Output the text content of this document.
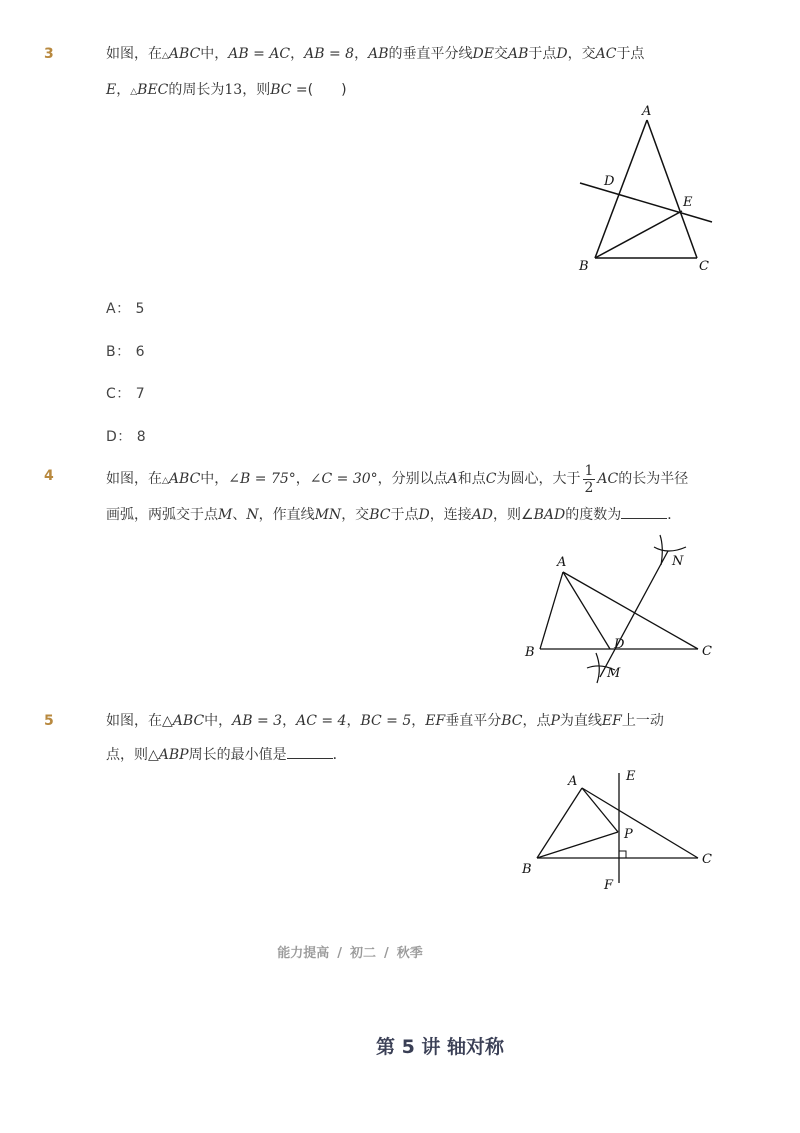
3	如图，在△ABC中，AB = AC，AB = 8，AB的垂直平分线DE交AB于点D，交AC于点
E，△BEC的周长为13，则BC =(　　)
A
B	C
D
E
A： 5
B： 6
C： 7
D： 8
4	如图，在△ABC中，∠B = 75°，∠C = 30°，分别以点A和点C为圆心，大于 $\frac{1}{2}$ AC的长为半径
画弧，两弧交于点M、N，作直线MN，交BC于点D，连接AD，则∠BAD的度数为	．
A
B	C
D
M
N
5	如图，在△ABC中，AB = 3，AC = 4，BC = 5，EF垂直平分BC，点P为直线EF上一动
点，则△ABP周长的最小值是	．
A
B
C
E
F
P
能力提高 / 初二 / 秋季
第 5 讲 轴对称
